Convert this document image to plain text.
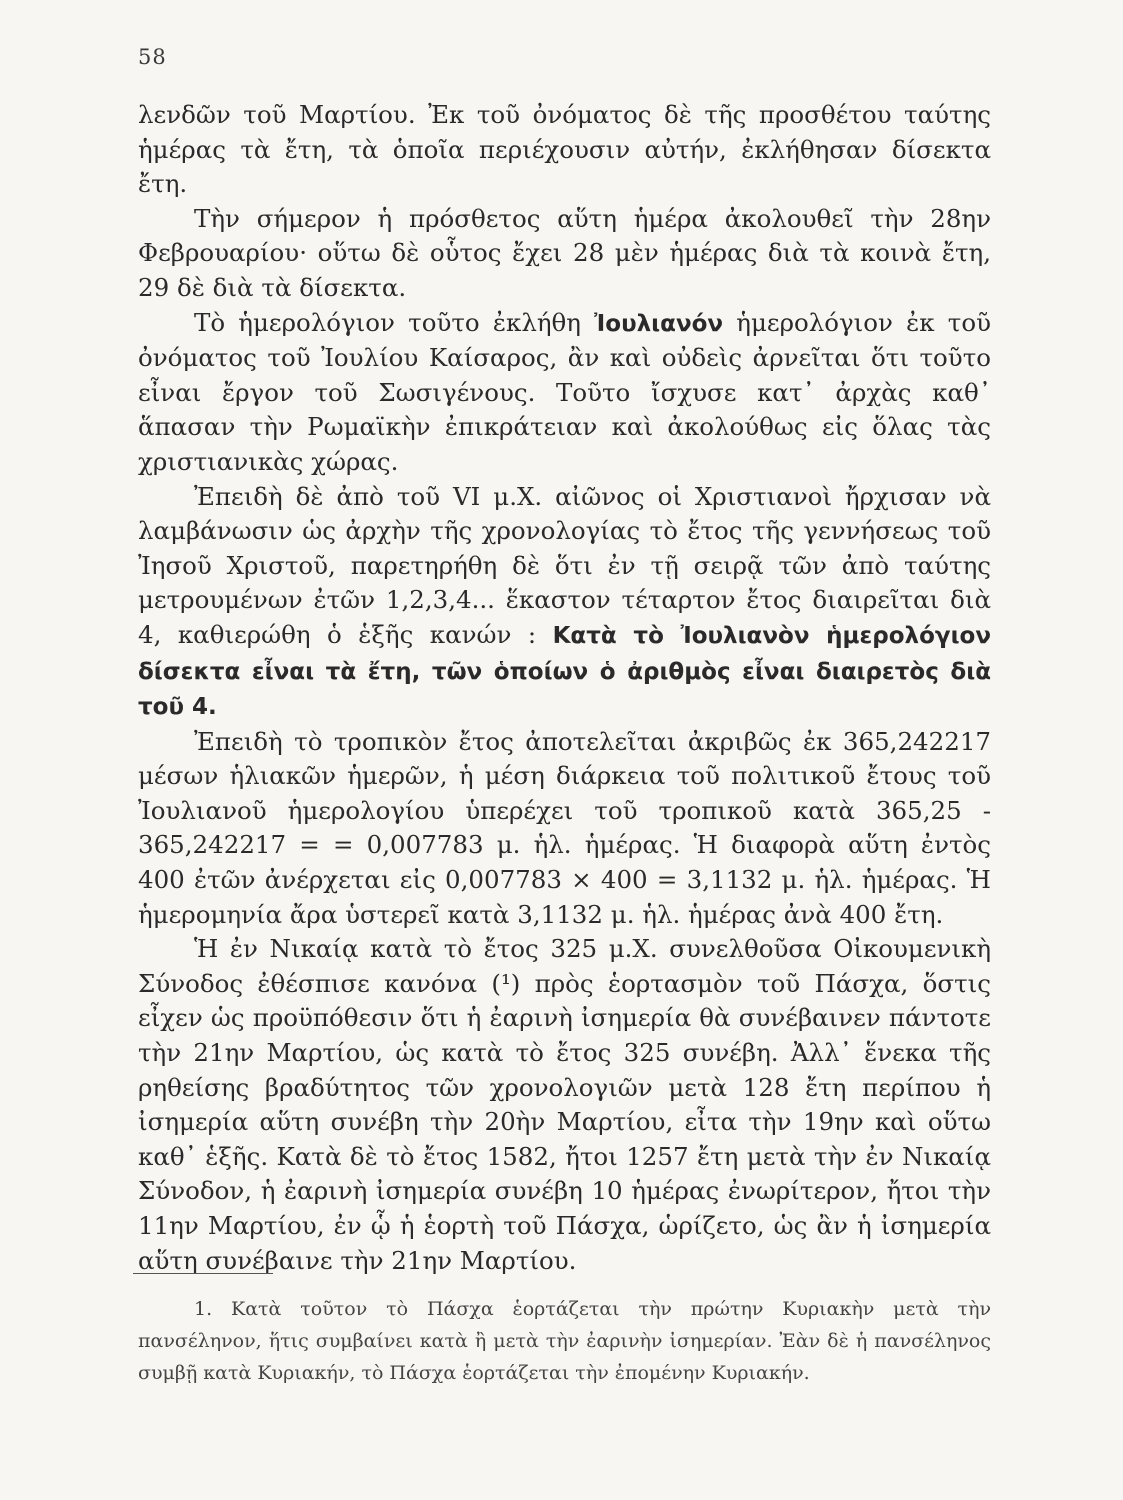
58

λενδῶν τοῦ Μαρτίου. Ἐκ τοῦ ὀνόματος δὲ τῆς προσθέτου ταύτης ἡμέρας τὰ ἔτη, τὰ ὁποῖα περιέχουσιν αὐτήν, ἐκλήθησαν δίσεκτα ἔτη.

Τὴν σήμερον ἡ πρόσθετος αὕτη ἡμέρα ἀκολουθεῖ τὴν 28ην Φεβρουαρίου· οὕτω δὲ οὗτος ἔχει 28 μὲν ἡμέρας διὰ τὰ κοινὰ ἔτη, 29 δὲ διὰ τὰ δίσεκτα.

Τὸ ἡμερολόγιον τοῦτο ἐκλήθη Ἰουλιανόν ἡμερολόγιον ἐκ τοῦ ὀνόματος τοῦ Ἰουλίου Καίσαρος, ἂν καὶ οὐδεὶς ἀρνεῖται ὅτι τοῦτο εἶναι ἔργον τοῦ Σωσιγένους. Τοῦτο ἴσχυσε κατ᾽ ἀρχὰς καθ᾽ ἅπασαν τὴν Ρωμαϊκὴν ἐπικράτειαν καὶ ἀκολούθως εἰς ὅλας τὰς χριστιανικὰς χώρας.

Ἐπειδὴ δὲ ἀπὸ τοῦ VI μ.Χ. αἰῶνος οἱ Χριστιανοὶ ἤρχισαν νὰ λαμβάνωσιν ὡς ἀρχὴν τῆς χρονολογίας τὸ ἔτος τῆς γεννήσεως τοῦ Ἰησοῦ Χριστοῦ, παρετηρήθη δὲ ὅτι ἐν τῇ σειρᾷ τῶν ἀπὸ ταύτης μετρουμένων ἐτῶν 1,2,3,4... ἕκαστον τέταρτον ἔτος διαιρεῖται διὰ 4, καθιερώθη ὁ ἑξῆς κανών : Κατὰ τὸ Ἰουλιανὸν ἡμερολόγιον δίσεκτα εἶναι τὰ ἔτη, τῶν ὁποίων ὁ ἀριθμὸς εἶναι διαιρετὸς διὰ τοῦ 4.

Ἐπειδὴ τὸ τροπικὸν ἔτος ἀποτελεῖται ἀκριβῶς ἐκ 365,242217 μέσων ἡλιακῶν ἡμερῶν, ἡ μέση διάρκεια τοῦ πολιτικοῦ ἔτους τοῦ Ἰουλιανοῦ ἡμερολογίου ὑπερέχει τοῦ τροπικοῦ κατὰ 365,25 - 365,242217 = = 0,007783 μ. ἡλ. ἡμέρας. Ἡ διαφορὰ αὕτη ἐντὸς 400 ἐτῶν ἀνέρχεται εἰς 0,007783 × 400 = 3,1132 μ. ἡλ. ἡμέρας. Ἡ ἡμερομηνία ἄρα ὑστερεῖ κατὰ 3,1132 μ. ἡλ. ἡμέρας ἀνὰ 400 ἔτη.

Ἡ ἐν Νικαίᾳ κατὰ τὸ ἔτος 325 μ.Χ. συνελθοῦσα Οἰκουμενικὴ Σύνοδος ἐθέσπισε κανόνα (¹) πρὸς ἑορτασμὸν τοῦ Πάσχα, ὅστις εἶχεν ὡς προϋπόθεσιν ὅτι ἡ ἐαρινὴ ἰσημερία θὰ συνέβαινεν πάντοτε τὴν 21ην Μαρτίου, ὡς κατὰ τὸ ἔτος 325 συνέβη. Ἀλλ᾽ ἕνεκα τῆς ρηθείσης βραδύτητος τῶν χρονολογιῶν μετὰ 128 ἔτη περίπου ἡ ἰσημερία αὕτη συνέβη τὴν 20ὴν Μαρτίου, εἶτα τὴν 19ην καὶ οὕτω καθ᾽ ἑξῆς. Κατὰ δὲ τὸ ἔτος 1582, ἤτοι 1257 ἔτη μετὰ τὴν ἐν Νικαίᾳ Σύνοδον, ἡ ἐαρινὴ ἰσημερία συνέβη 10 ἡμέρας ἐνωρίτερον, ἤτοι τὴν 11ην Μαρτίου, ἐν ᾧ ἡ ἑορτὴ τοῦ Πάσχα, ὡρίζετο, ὡς ἂν ἡ ἰσημερία αὕτη συνέβαινε τὴν 21ην Μαρτίου.

1. Κατὰ τοῦτον τὸ Πάσχα ἑορτάζεται τὴν πρώτην Κυριακὴν μετὰ τὴν πανσέληνον, ἥτις συμβαίνει κατὰ ἢ μετὰ τὴν ἐαρινὴν ἰσημερίαν. Ἐὰν δὲ ἡ πανσέληνος συμβῇ κατὰ Κυριακήν, τὸ Πάσχα ἑορτάζεται τὴν ἐπομένην Κυριακήν.
